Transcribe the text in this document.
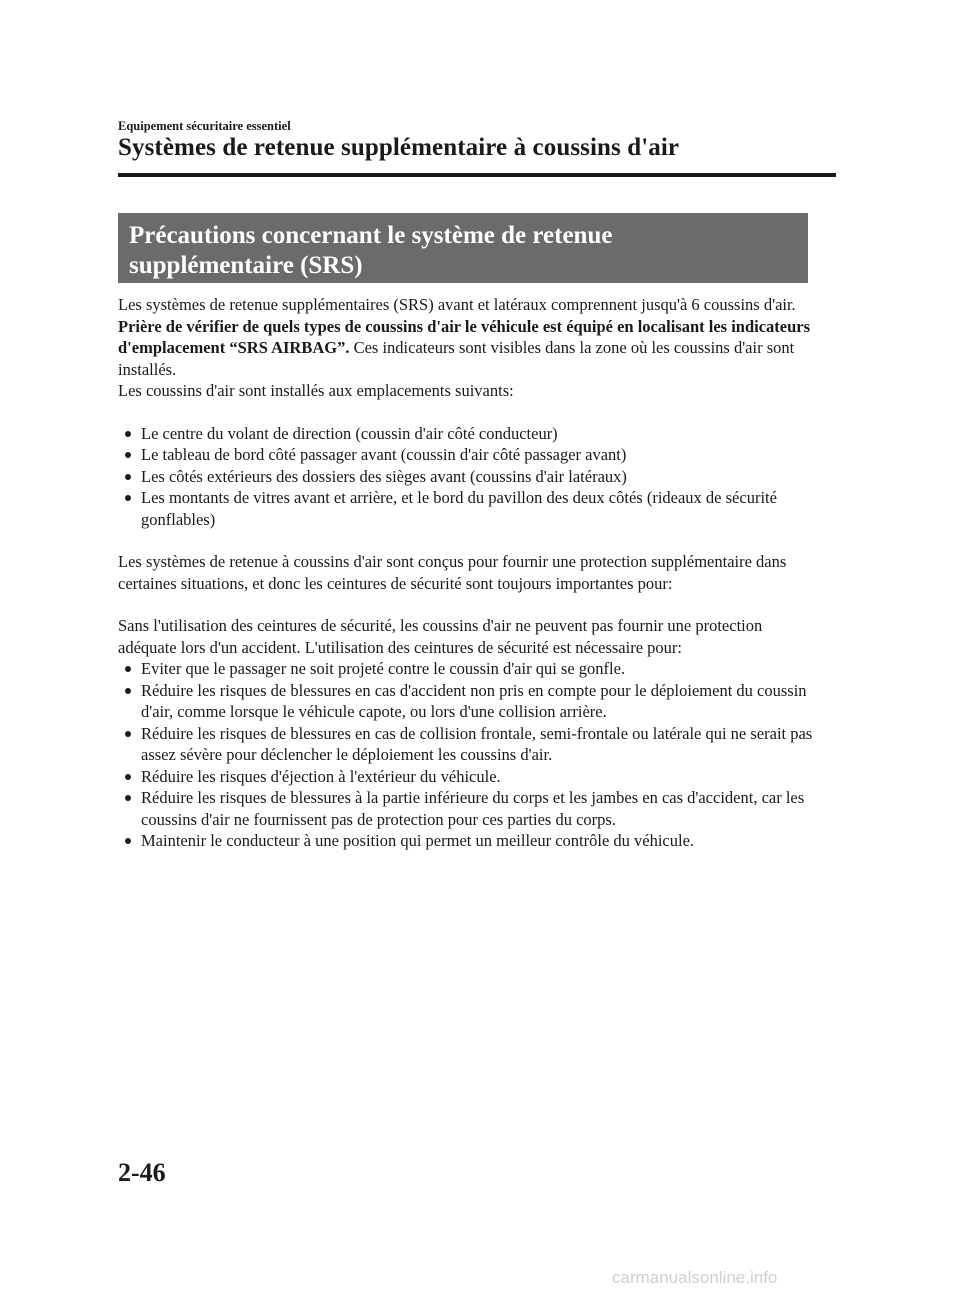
Equipement sécuritaire essentiel
Systèmes de retenue supplémentaire à coussins d'air
Précautions concernant le système de retenue
supplémentaire (SRS)

Les systèmes de retenue supplémentaires (SRS) avant et latéraux comprennent jusqu'à 6 coussins d'air. Prière de vérifier de quels types de coussins d'air le véhicule est équipé en localisant les indicateurs d'emplacement “SRS AIRBAG”. Ces indicateurs sont visibles dans la zone où les coussins d'air sont installés.

Les coussins d'air sont installés aux emplacements suivants:

Le centre du volant de direction (coussin d'air côté conducteur)
Le tableau de bord côté passager avant (coussin d'air côté passager avant)
Les côtés extérieurs des dossiers des sièges avant (coussins d'air latéraux)
Les montants de vitres avant et arrière, et le bord du pavillon des deux côtés (rideaux de sécurité gonflables)

Les systèmes de retenue à coussins d'air sont conçus pour fournir une protection supplémentaire dans certaines situations, et donc les ceintures de sécurité sont toujours importantes pour:

Sans l'utilisation des ceintures de sécurité, les coussins d'air ne peuvent pas fournir une protection adéquate lors d'un accident. L'utilisation des ceintures de sécurité est nécessaire pour:

Eviter que le passager ne soit projeté contre le coussin d'air qui se gonfle.
Réduire les risques de blessures en cas d'accident non pris en compte pour le déploiement du coussin d'air, comme lorsque le véhicule capote, ou lors d'une collision arrière.
Réduire les risques de blessures en cas de collision frontale, semi-frontale ou latérale qui ne serait pas assez sévère pour déclencher le déploiement les coussins d'air.
Réduire les risques d'éjection à l'extérieur du véhicule.
Réduire les risques de blessures à la partie inférieure du corps et les jambes en cas d'accident, car les coussins d'air ne fournissent pas de protection pour ces parties du corps.
Maintenir le conducteur à une position qui permet un meilleur contrôle du véhicule.
2-46
carmanualsonline.info
